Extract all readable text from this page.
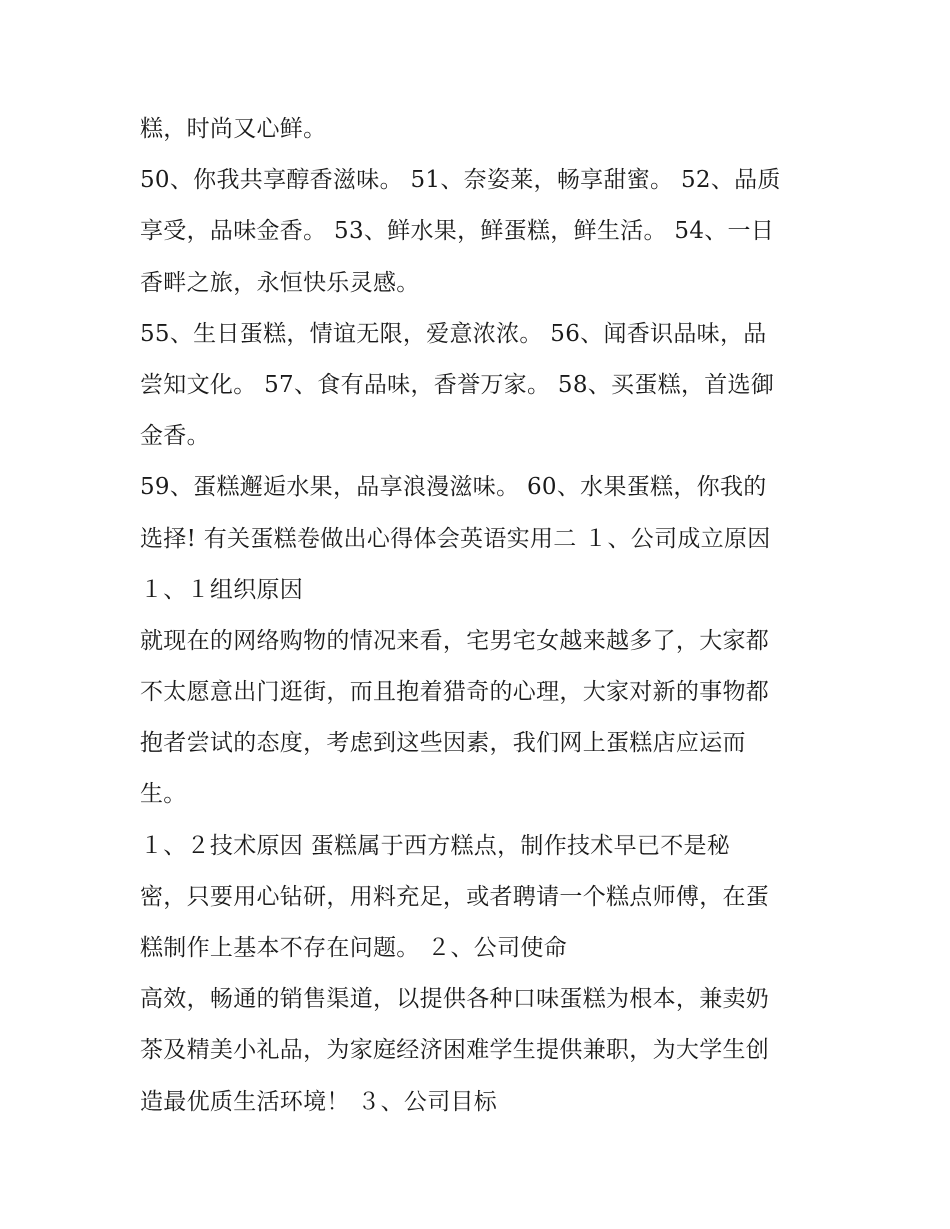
糕，时尚又心鲜。
50、你我共享醇香滋味。 51、奈姿莱，畅享甜蜜。 52、品质
享受，品味金香。 53、鲜水果，鲜蛋糕，鲜生活。 54、一日
香畔之旅，永恒快乐灵感。
55、生日蛋糕，情谊无限，爱意浓浓。 56、闻香识品味，品
尝知文化。 57、食有品味，香誉万家。 58、买蛋糕，首选御
金香。
59、蛋糕邂逅水果，品享浪漫滋味。 60、水果蛋糕，你我的
选择! 有关蛋糕卷做出心得体会英语实用二 １、公司成立原因
１、１组织原因
就现在的网络购物的情况来看，宅男宅女越来越多了，大家都
不太愿意出门逛街，而且抱着猎奇的心理，大家对新的事物都
抱者尝试的态度，考虑到这些因素，我们网上蛋糕店应运而
生。
１、２技术原因 蛋糕属于西方糕点，制作技术早已不是秘
密，只要用心钻研，用料充足，或者聘请一个糕点师傅，在蛋
糕制作上基本不存在问题。 ２、公司使命
高效，畅通的销售渠道，以提供各种口味蛋糕为根本，兼卖奶
茶及精美小礼品，为家庭经济困难学生提供兼职，为大学生创
造最优质生活环境！ ３、公司目标
